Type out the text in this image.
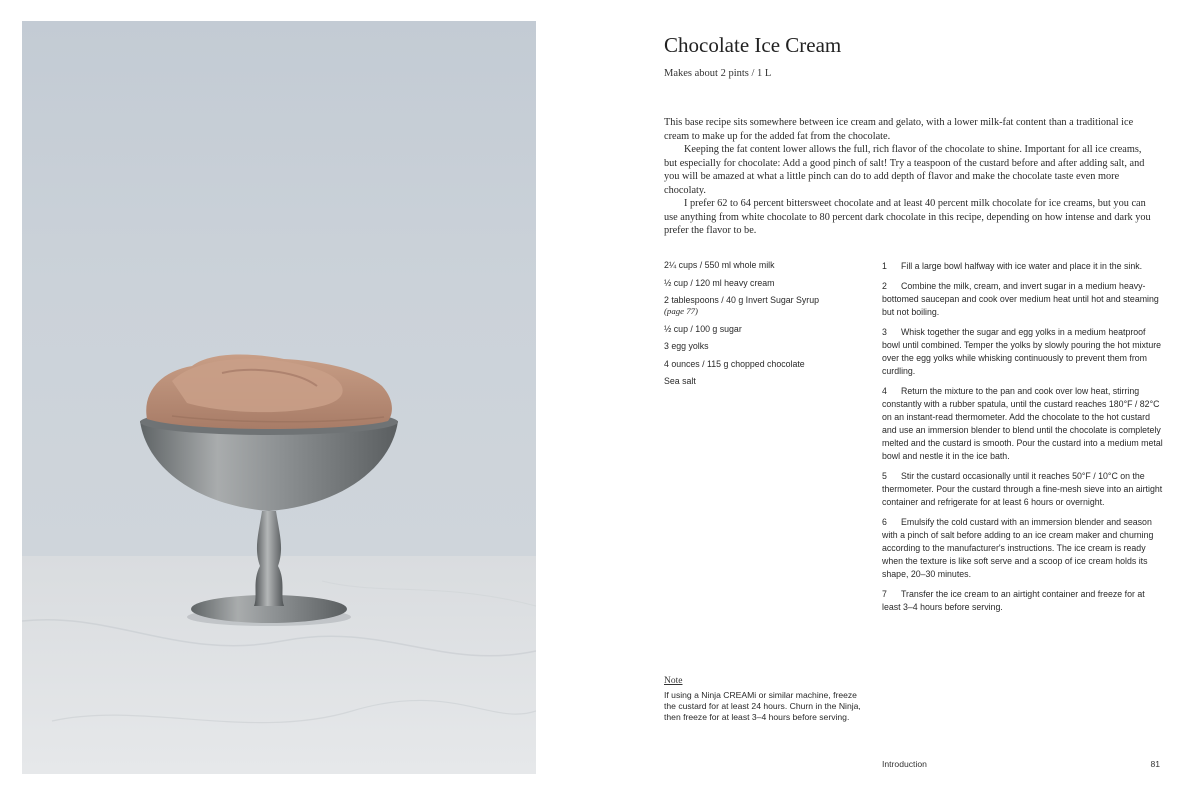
Chocolate Ice Cream
Makes about 2 pints / 1 L

This base recipe sits somewhere between ice cream and gelato, with a lower milk-fat content than a traditional ice cream to make up for the added fat from the chocolate.

Keeping the fat content lower allows the full, rich flavor of the chocolate to shine. Important for all ice creams, but especially for chocolate: Add a good pinch of salt! Try a teaspoon of the custard before and after adding salt, and you will be amazed at what a little pinch can do to add depth of flavor and make the chocolate taste even more chocolaty.

I prefer 62 to 64 percent bittersweet chocolate and at least 40 percent milk chocolate for ice creams, but you can use anything from white chocolate to 80 percent dark chocolate in this recipe, depending on how intense and dark you prefer the flavor to be.

2¼ cups / 550 ml whole milk
½ cup / 120 ml heavy cream
2 tablespoons / 40 g Invert Sugar Syrup
(page 77)
½ cup / 100 g sugar
3 egg yolks
4 ounces / 115 g chopped chocolate
Sea salt
1 Fill a large bowl halfway with ice water and place it in the sink.
2 Combine the milk, cream, and invert sugar in a medium heavy-bottomed saucepan and cook over medium heat until hot and steaming but not boiling.
3 Whisk together the sugar and egg yolks in a medium heatproof bowl until combined. Temper the yolks by slowly pouring the hot mixture over the egg yolks while whisking continuously to prevent them from curdling.
4 Return the mixture to the pan and cook over low heat, stirring constantly with a rubber spatula, until the custard reaches 180°F / 82°C on an instant-read thermometer. Add the chocolate to the hot custard and use an immersion blender to blend until the chocolate is completely melted and the custard is smooth. Pour the custard into a medium metal bowl and nestle it in the ice bath.
5 Stir the custard occasionally until it reaches 50°F / 10°C on the thermometer. Pour the custard through a fine-mesh sieve into an airtight container and refrigerate for at least 6 hours or overnight.
6 Emulsify the cold custard with an immersion blender and season with a pinch of salt before adding to an ice cream maker and churning according to the manufacturer's instructions. The ice cream is ready when the texture is like soft serve and a scoop of ice cream holds its shape, 20–30 minutes.
7 Transfer the ice cream to an airtight container and freeze for at least 3–4 hours before serving.
Note
If using a Ninja CREAMi or similar machine, freeze the custard for at least 24 hours. Churn in the Ninja, then freeze for at least 3–4 hours before serving.
Introduction	81
